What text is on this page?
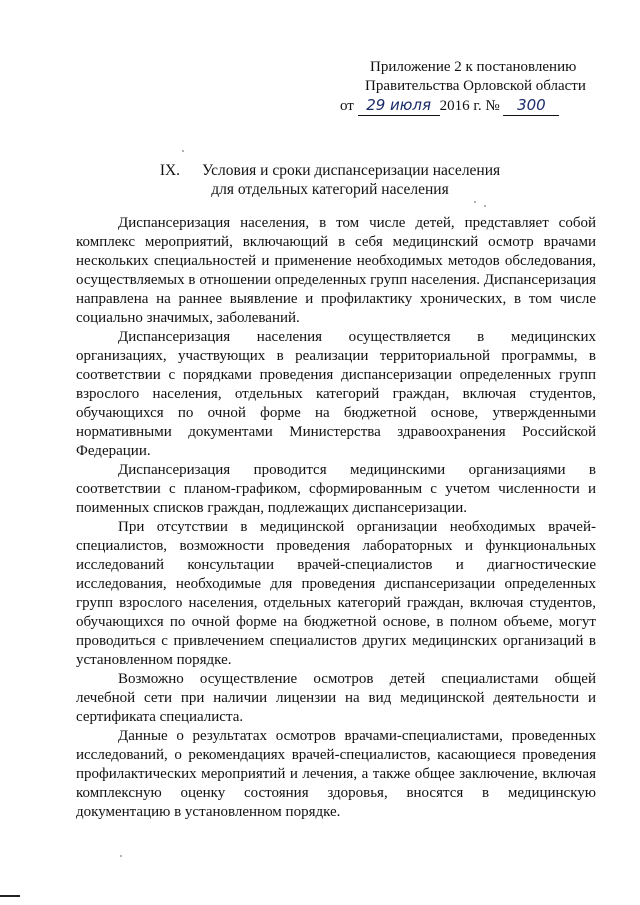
Приложение 2 к постановлению
Правительства Орловской области
от 29 июля 2016 г. № 300
IX. Условия и сроки диспансеризации населения
для отдельных категорий населения

Диспансеризация населения, в том числе детей, представляет собой комплекс мероприятий, включающий в себя медицинский осмотр врачами нескольких специальностей и применение необходимых методов обследования, осуществляемых в отношении определенных групп населения. Диспансеризация направлена на раннее выявление и профилактику хронических, в том числе социально значимых, заболеваний.

Диспансеризация населения осуществляется в медицинских организациях, участвующих в реализации территориальной программы, в соответствии с порядками проведения диспансеризации определенных групп взрослого населения, отдельных категорий граждан, включая студентов, обучающихся по очной форме на бюджетной основе, утвержденными нормативными документами Министерства здравоохранения Российской Федерации.

Диспансеризация проводится медицинскими организациями в соответствии с планом-графиком, сформированным с учетом численности и поименных списков граждан, подлежащих диспансеризации.

При отсутствии в медицинской организации необходимых врачей-специалистов, возможности проведения лабораторных и функциональных исследований консультации врачей-специалистов и диагностические исследования, необходимые для проведения диспансеризации определенных групп взрослого населения, отдельных категорий граждан, включая студентов, обучающихся по очной форме на бюджетной основе, в полном объеме, могут проводиться с привлечением специалистов других медицинских организаций в установленном порядке.

Возможно осуществление осмотров детей специалистами общей лечебной сети при наличии лицензии на вид медицинской деятельности и сертификата специалиста.

Данные о результатах осмотров врачами-специалистами, проведенных исследований, о рекомендациях врачей-специалистов, касающиеся проведения профилактических мероприятий и лечения, а также общее заключение, включая комплексную оценку состояния здоровья, вносятся в медицинскую документацию в установленном порядке.
